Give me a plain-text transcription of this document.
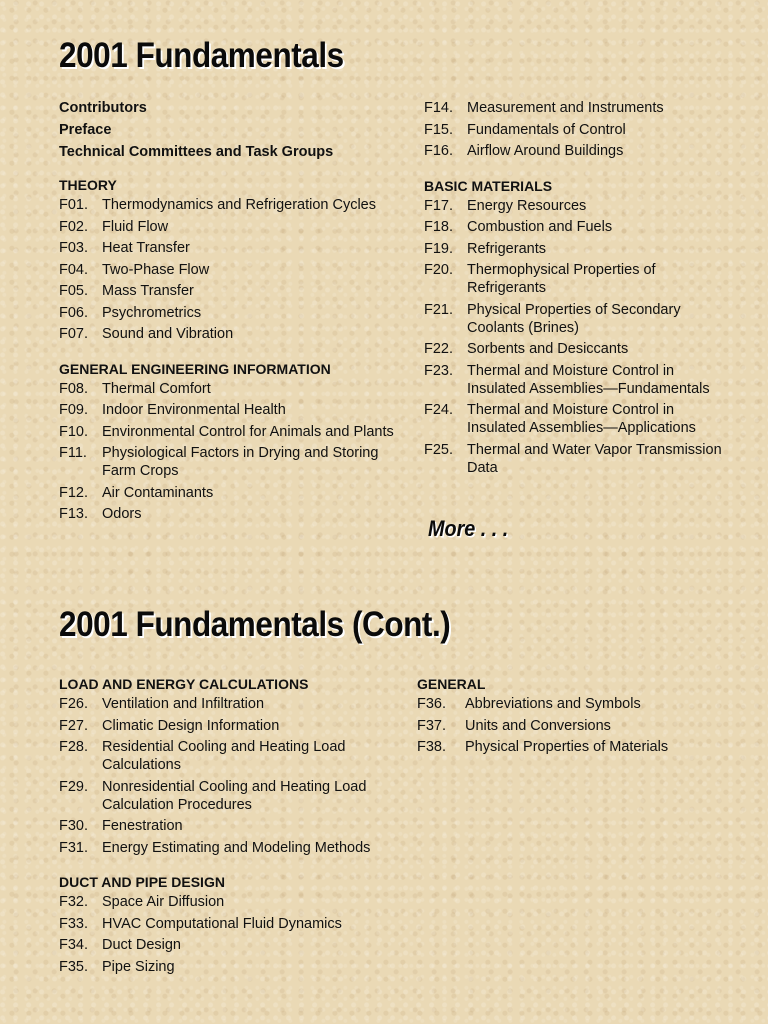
2001 Fundamentals

Contributors

Preface

Technical Committees and Task Groups

THEORY

F01. Thermodynamics and Refrigeration Cycles
F02. Fluid Flow
F03. Heat Transfer
F04. Two-Phase Flow
F05. Mass Transfer
F06. Psychrometrics
F07. Sound and Vibration

GENERAL ENGINEERING INFORMATION

F08. Thermal Comfort
F09. Indoor Environmental Health
F10. Environmental Control for Animals and Plants
F11.	Physiological Factors in Drying and Storing Farm Crops
F12. Air Contaminants
F13. Odors
F14. Measurement and Instruments
F15. Fundamentals of Control
F16. Airflow Around Buildings

BASIC MATERIALS

F17. Energy Resources
F18. Combustion and Fuels
F19. Refrigerants
F20. Thermophysical Properties of Refrigerants
F21. Physical Properties of Secondary Coolants (Brines)
F22. Sorbents and Desiccants
F23. Thermal and Moisture Control in Insulated Assemblies—Fundamentals
F24. Thermal and Moisture Control in Insulated Assemblies—Applications
F25. Thermal and Water Vapor Transmission Data

More . . .

2001 Fundamentals (Cont.)

LOAD AND ENERGY CALCULATIONS

F26. Ventilation and Infiltration
F27. Climatic Design Information
F28. Residential Cooling and Heating Load Calculations
F29. Nonresidential Cooling and Heating Load Calculation Procedures
F30. Fenestration
F31. Energy Estimating and Modeling Methods

DUCT AND PIPE DESIGN

F32. Space Air Diffusion
F33. HVAC Computational Fluid Dynamics
F34. Duct Design
F35. Pipe Sizing

GENERAL

F36.	Abbreviations and Symbols
F37.	Units and Conversions
F38.	Physical Properties of Materials
